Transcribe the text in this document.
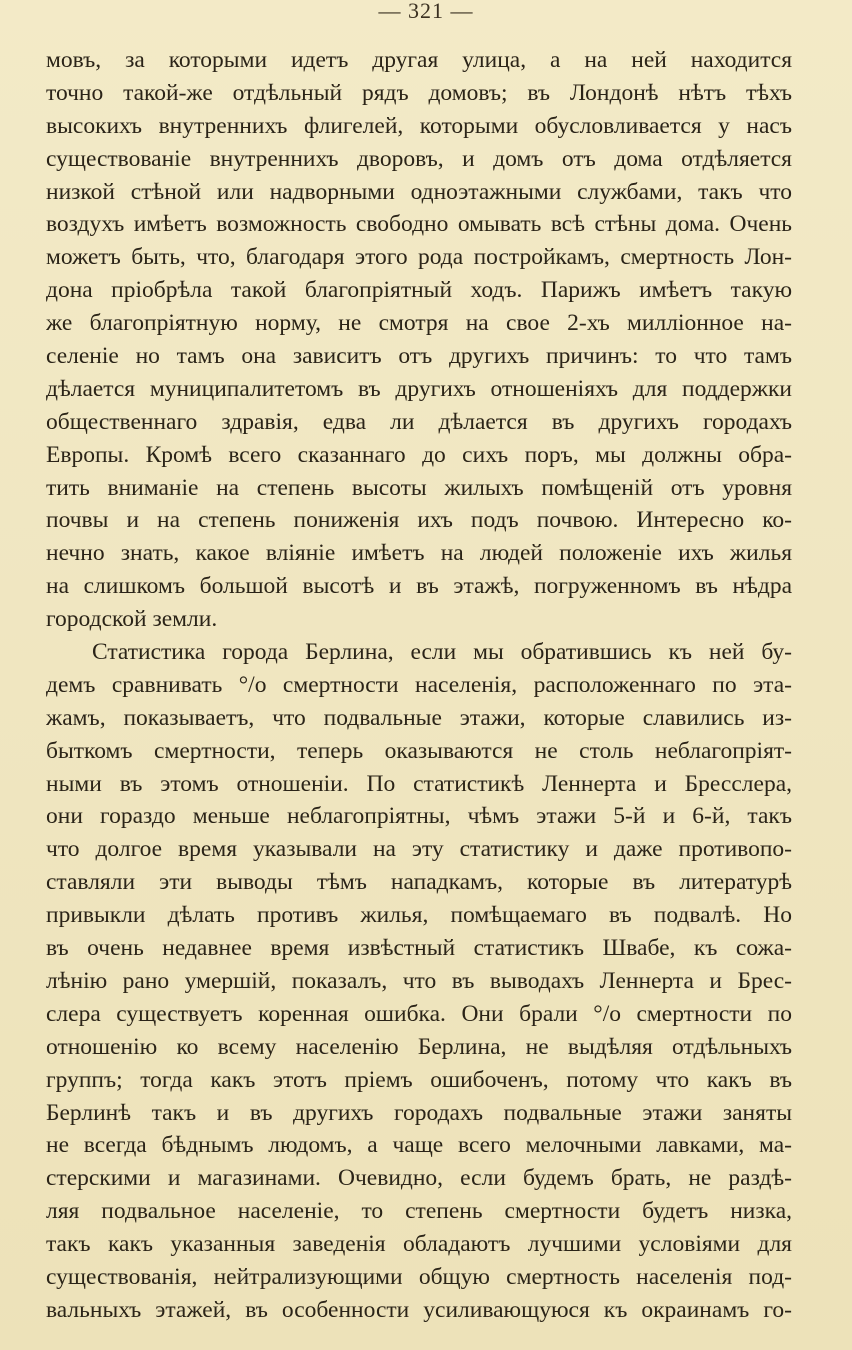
— 321 —
мовъ, за которыми идетъ другая улица, а на ней находится
точно такой-же отдѣльный рядъ домовъ; въ Лондонѣ нѣтъ тѣхъ
высокихъ внутреннихъ флигелей, которыми обусловливается у насъ
существованіе внутреннихъ дворовъ, и домъ отъ дома отдѣляется
низкой стѣной или надворными одноэтажными службами, такъ что
воздухъ имѣетъ возможность свободно омывать всѣ стѣны дома. Очень
можетъ быть, что, благодаря этого рода постройкамъ, смертность Лон-
дона пріобрѣла такой благопріятный ходъ. Парижъ имѣетъ такую
же благопріятную норму, не смотря на свое 2-хъ милліонное на-
селеніе но тамъ она зависитъ отъ другихъ причинъ: то что тамъ
дѣлается муниципалитетомъ въ другихъ отношеніяхъ для поддержки
общественнаго здравія, едва ли дѣлается въ другихъ городахъ
Европы. Кромѣ всего сказаннаго до сихъ поръ, мы должны обра-
тить вниманіе на степень высоты жилыхъ помѣщеній отъ уровня
почвы и на степень пониженія ихъ подъ почвою. Интересно ко-
нечно знать, какое вліяніе имѣетъ на людей положеніе ихъ жилья
на слишкомъ большой высотѣ и въ этажѣ, погруженномъ въ нѣдра
городской земли.
Статистика города Берлина, если мы обратившись къ ней бу-
демъ сравнивать °/о смертности населенія, расположеннаго по эта-
жамъ, показываетъ, что подвальные этажи, которые славились из-
быткомъ смертности, теперь оказываются не столь неблагопріят-
ными въ этомъ отношеніи. По статистикѣ Леннерта и Бресслера,
они гораздо меньше неблагопріятны, чѣмъ этажи 5-й и 6-й, такъ
что долгое время указывали на эту статистику и даже противопо-
ставляли эти выводы тѣмъ нападкамъ, которые въ литературѣ
привыкли дѣлать противъ жилья, помѣщаемаго въ подвалѣ. Но
въ очень недавнее время извѣстный статистикъ Швабе, къ сожа-
лѣнію рано умершій, показалъ, что въ выводахъ Леннерта и Брес-
слера существуетъ коренная ошибка. Они брали °/о смертности по
отношенію ко всему населенію Берлина, не выдѣляя отдѣльныхъ
группъ; тогда какъ этотъ пріемъ ошибоченъ, потому что какъ въ
Берлинѣ такъ и въ другихъ городахъ подвальные этажи заняты
не всегда бѣднымъ людомъ, а чаще всего мелочными лавками, ма-
стерскими и магазинами. Очевидно, если будемъ брать, не раздѣ-
ляя подвальное населеніе, то степень смертности будетъ низка,
такъ какъ указанныя заведенія обладаютъ лучшими условіями для
существованія, нейтрализующими общую смертность населенія под-
вальныхъ этажей, въ особенности усиливающуюся къ окраинамъ го-
